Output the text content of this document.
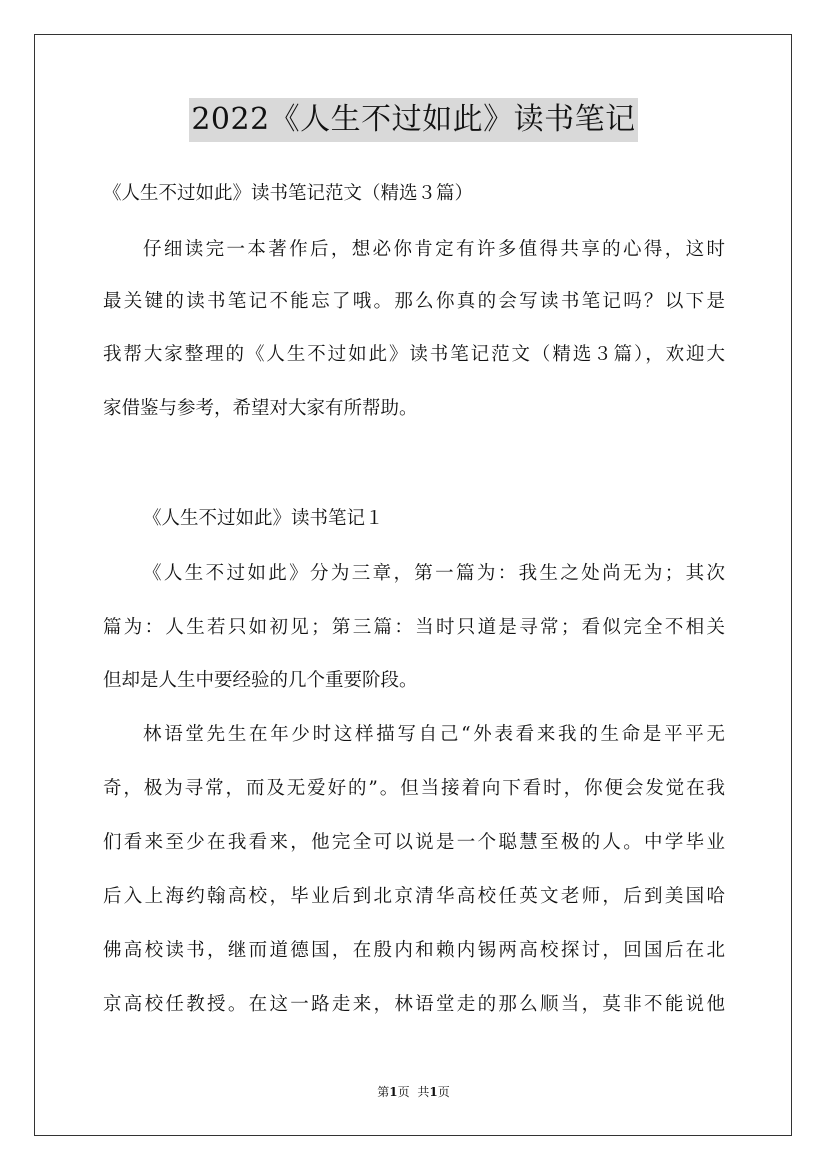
2022《人生不过如此》读书笔记
《人生不过如此》读书笔记范文（精选３篇）
仔细读完一本著作后，想必你肯定有许多值得共享的心得，这时
最关键的读书笔记不能忘了哦。那么你真的会写读书笔记吗？以下是
我帮大家整理的《人生不过如此》读书笔记范文（精选３篇），欢迎大
家借鉴与参考，希望对大家有所帮助。
《人生不过如此》读书笔记１
《人生不过如此》分为三章，第一篇为：我生之处尚无为；其次
篇为：人生若只如初见；第三篇：当时只道是寻常；看似完全不相关
但却是人生中要经验的几个重要阶段。
林语堂先生在年少时这样描写自己“外表看来我的生命是平平无
奇，极为寻常，而及无爱好的”。但当接着向下看时，你便会发觉在我
们看来至少在我看来，他完全可以说是一个聪慧至极的人。中学毕业
后入上海约翰高校，毕业后到北京清华高校任英文老师，后到美国哈
佛高校读书，继而道德国，在殷内和赖内锡两高校探讨，回国后在北
京高校任教授。在这一路走来，林语堂走的那么顺当，莫非不能说他
第1页 共1页
